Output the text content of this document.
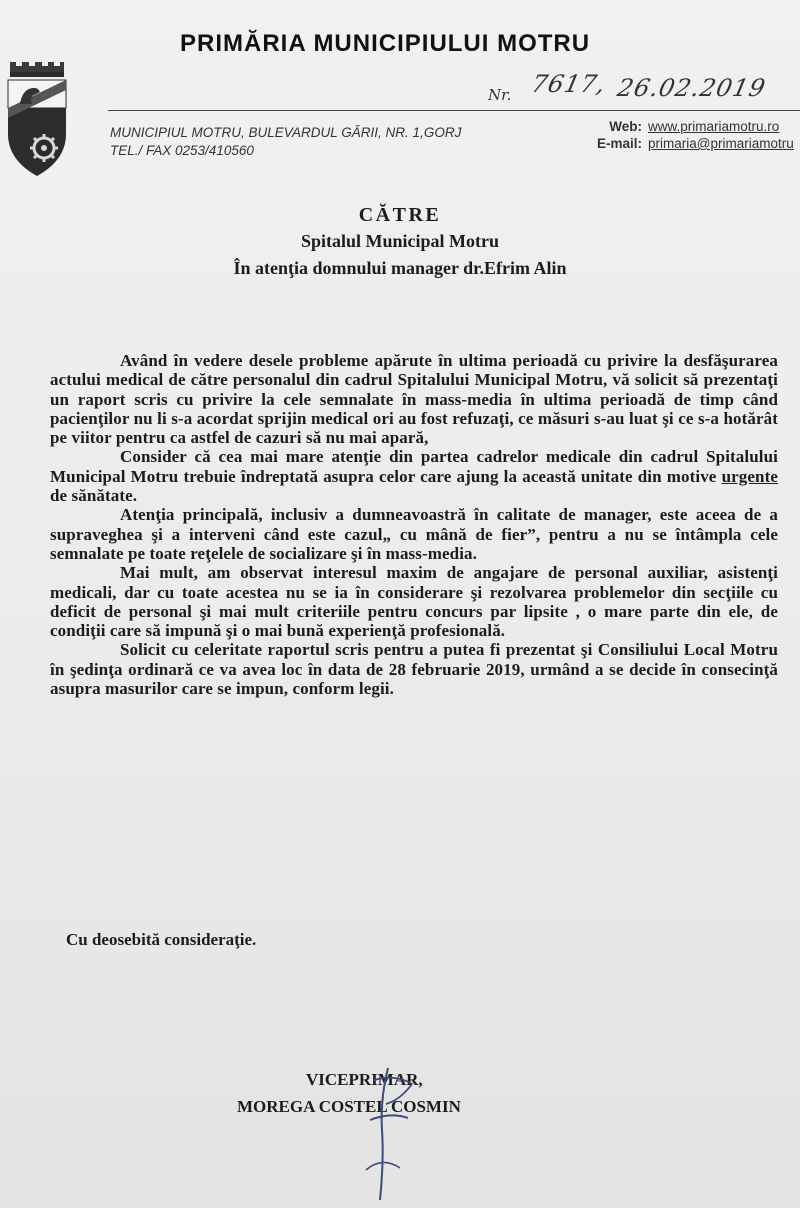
PRIMĂRIA MUNICIPIULUI MOTRU
Nr. 7617, 26.02.2019
MUNICIPIUL MOTRU, BULEVARDUL GĂRII, NR. 1,GORJ
TEL./ FAX 0253/410560
Web: www.primariamotru.ro
E-mail: primaria@primariamotru
CĂTRE
Spitalul Municipal Motru
În atenţia domnului manager dr.Efrim Alin

Având în vedere desele probleme apărute în ultima perioadă cu privire la desfăşurarea actului medical de către personalul din cadrul Spitalului Municipal Motru, vă solicit să prezentaţi un raport scris cu privire la cele semnalate în mass-media în ultima perioadă de timp când pacienţilor nu li s-a acordat sprijin medical ori au fost refuzaţi, ce măsuri s-au luat şi ce s-a hotărât pe viitor pentru ca astfel de cazuri să nu mai apară,

Consider că cea mai mare atenţie din partea cadrelor medicale din cadrul Spitalului Municipal Motru trebuie îndreptată asupra celor care ajung la această unitate din motive urgente de sănătate.

Atenţia principală, inclusiv a dumneavoastră în calitate de manager, este aceea de a supraveghea şi a interveni când este cazul„ cu mână de fier”, pentru a nu se întâmpla cele semnalate pe toate reţelele de socializare şi în mass-media.

Mai mult, am observat interesul maxim de angajare de personal auxiliar, asistenţi medicali, dar cu toate acestea nu se ia în considerare şi rezolvarea problemelor din secţiile cu deficit de personal şi mai mult criteriile pentru concurs par lipsite , o mare parte din ele, de condiţii care să impună şi o mai bună experienţă profesională.

Solicit cu celeritate raportul scris pentru a putea fi prezentat şi Consiliului Local Motru în şedinţa ordinară ce va avea loc în data de 28 februarie 2019, urmând a se decide în consecinţă asupra masurilor care se impun, conform legii.

Cu deosebită consideraţie.
VICEPRIMAR,
MOREGA COSTEL COSMIN
